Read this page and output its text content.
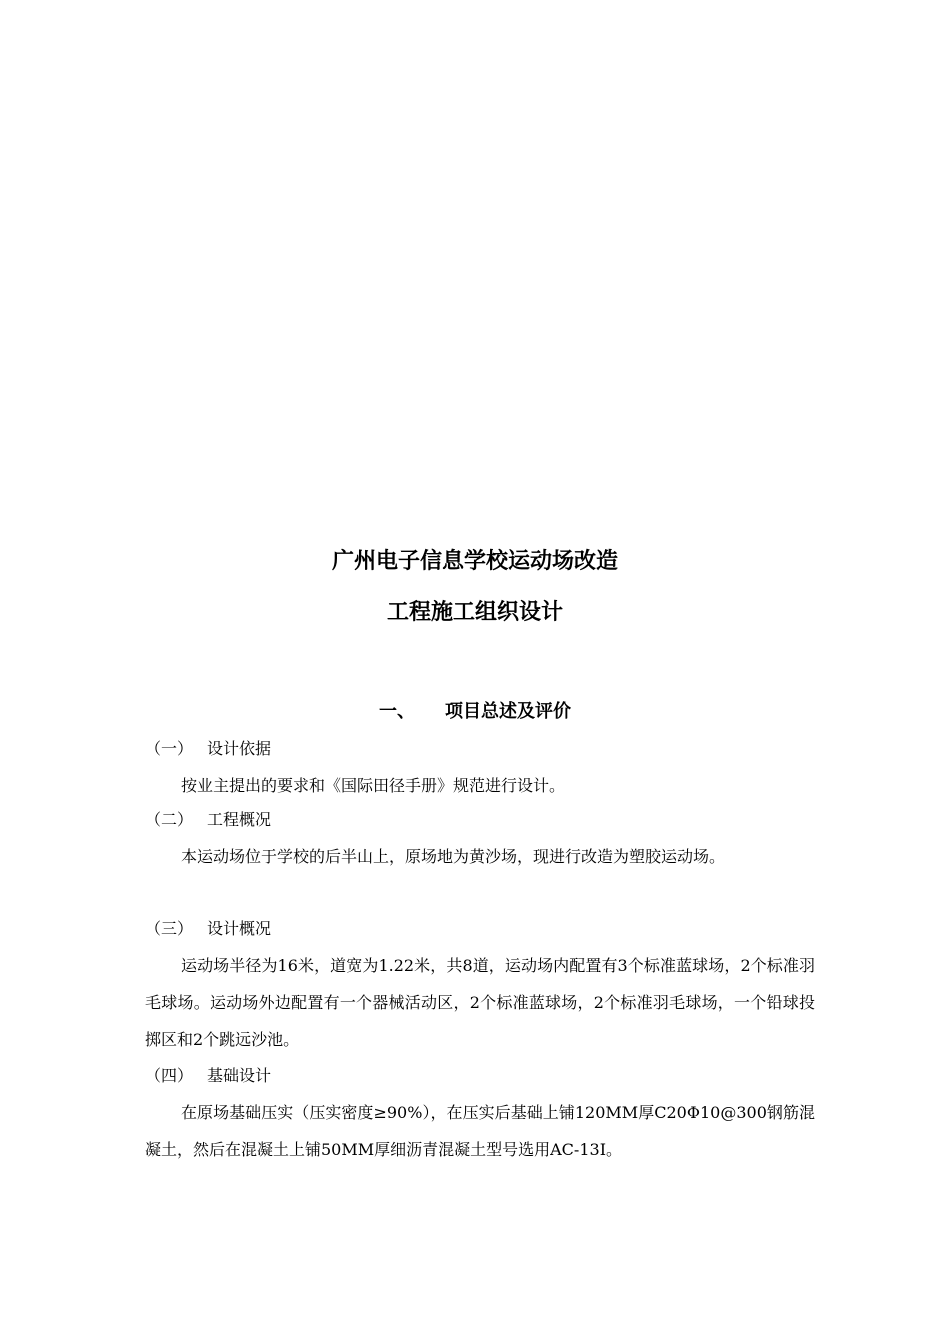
广州电子信息学校运动场改造
工程施工组织设计
一、 项目总述及评价
（一） 设计依据
按业主提出的要求和《国际田径手册》规范进行设计。
（二） 工程概况
本运动场位于学校的后半山上，原场地为黄沙场，现进行改造为塑胶运动场。
（三） 设计概况
运动场半径为16米，道宽为1.22米，共8道，运动场内配置有3个标准蓝球场，2个标准羽毛球场。运动场外边配置有一个器械活动区，2个标准蓝球场，2个标准羽毛球场，一个铅球投掷区和2个跳远沙池。
（四） 基础设计
在原场基础压实（压实密度≥90%），在压实后基础上铺120MM厚C20Φ10@300钢筋混凝土，然后在混凝土上铺50MM厚细沥青混凝土型号选用AC-13I。
